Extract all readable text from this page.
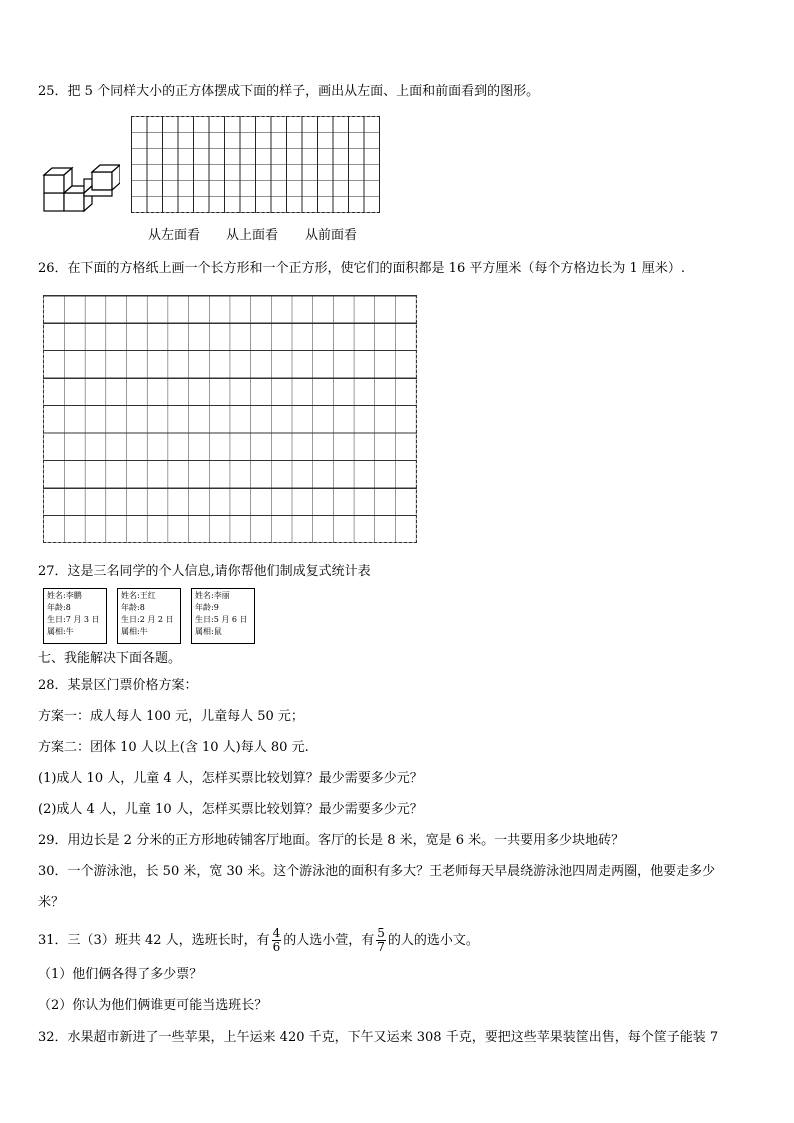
25．把 5 个同样大小的正方体摆成下面的样子，画出从左面、上面和前面看到的图形。
从左面看 从上面看 从前面看
26．在下面的方格纸上画一个长方形和一个正方形，使它们的面积都是 16 平方厘米（每个方格边长为 1 厘米）.
27．这是三名同学的个人信息,请你帮他们制成复式统计表
姓名:李鹏
年龄:8
生日:7 月 3 日
属相:牛
姓名:王红
年龄:8
生日:2 月 2 日
属相:牛
姓名:李丽
年龄:9
生日:5 月 6 日
属相:鼠
七、我能解决下面各题。
28．某景区门票价格方案：
方案一：成人每人 100 元，儿童每人 50 元；
方案二：团体 10 人以上(含 10 人)每人 80 元.
(1)成人 10 人，儿童 4 人，怎样买票比较划算？最少需要多少元？
(2)成人 4 人，儿童 10 人，怎样买票比较划算？最少需要多少元？
29．用边长是 2 分米的正方形地砖铺客厅地面。客厅的长是 8 米，宽是 6 米。一共要用多少块地砖？
30．一个游泳池，长 50 米，宽 30 米。这个游泳池的面积有多大？王老师每天早晨绕游泳池四周走两圈，他要走多少
米？
31．三（3）班共 42 人，选班长时，有 $\frac{4}{6}$ 的人选小萱，有 $\frac{5}{7}$ 的人的选小文。
（1）他们俩各得了多少票？
（2）你认为他们俩谁更可能当选班长？
32．水果超市新进了一些苹果，上午运来 420 千克，下午又运来 308 千克，要把这些苹果装筐出售，每个筐子能装 7
